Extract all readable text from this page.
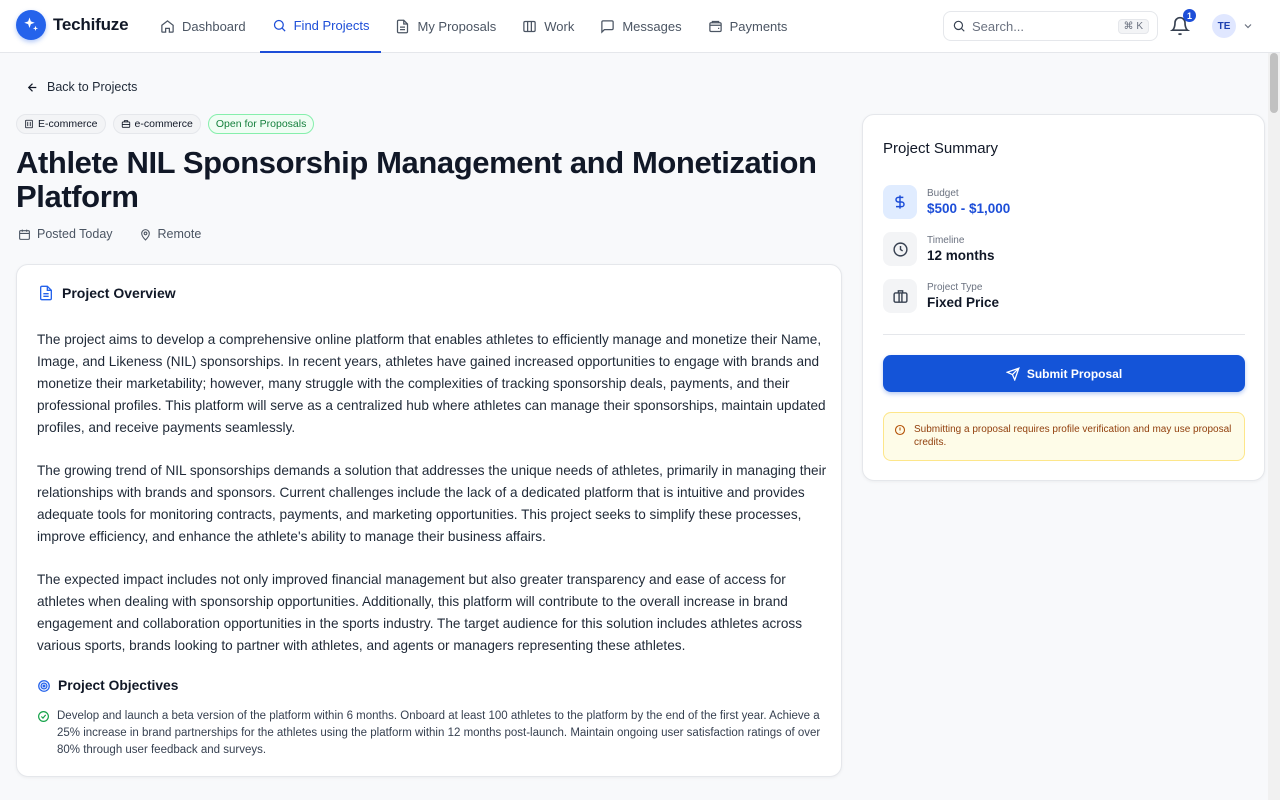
Techifuze	Dashboard	Find Projects	My Proposals	Work	Messages	Payments
Search...	⌘ K
1
TE
Back to Projects
E-commerce	e-commerce	Open for Proposals
Athlete NIL Sponsorship Management and Monetization Platform
Posted Today	Remote
Project Overview

The project aims to develop a comprehensive online platform that enables athletes to efficiently manage and monetize their Name, Image, and Likeness (NIL) sponsorships. In recent years, athletes have gained increased opportunities to engage with brands and monetize their marketability; however, many struggle with the complexities of tracking sponsorship deals, payments, and their professional profiles. This platform will serve as a centralized hub where athletes can manage their sponsorships, maintain updated profiles, and receive payments seamlessly.

The growing trend of NIL sponsorships demands a solution that addresses the unique needs of athletes, primarily in managing their relationships with brands and sponsors. Current challenges include the lack of a dedicated platform that is intuitive and provides adequate tools for monitoring contracts, payments, and marketing opportunities. This project seeks to simplify these processes, improve efficiency, and enhance the athlete's ability to manage their business affairs.

The expected impact includes not only improved financial management but also greater transparency and ease of access for athletes when dealing with sponsorship opportunities. Additionally, this platform will contribute to the overall increase in brand engagement and collaboration opportunities in the sports industry. The target audience for this solution includes athletes across various sports, brands looking to partner with athletes, and agents or managers representing these athletes.

Project Objectives
Develop and launch a beta version of the platform within 6 months. Onboard at least 100 athletes to the platform by the end of the first year. Achieve a 25% increase in brand partnerships for the athletes using the platform within 12 months post-launch. Maintain ongoing user satisfaction ratings of over 80% through user feedback and surveys.
Project Summary
Budget
$500 - $1,000
Timeline
12 months
Project Type
Fixed Price
Submit Proposal
Submitting a proposal requires profile verification and may use proposal credits.
